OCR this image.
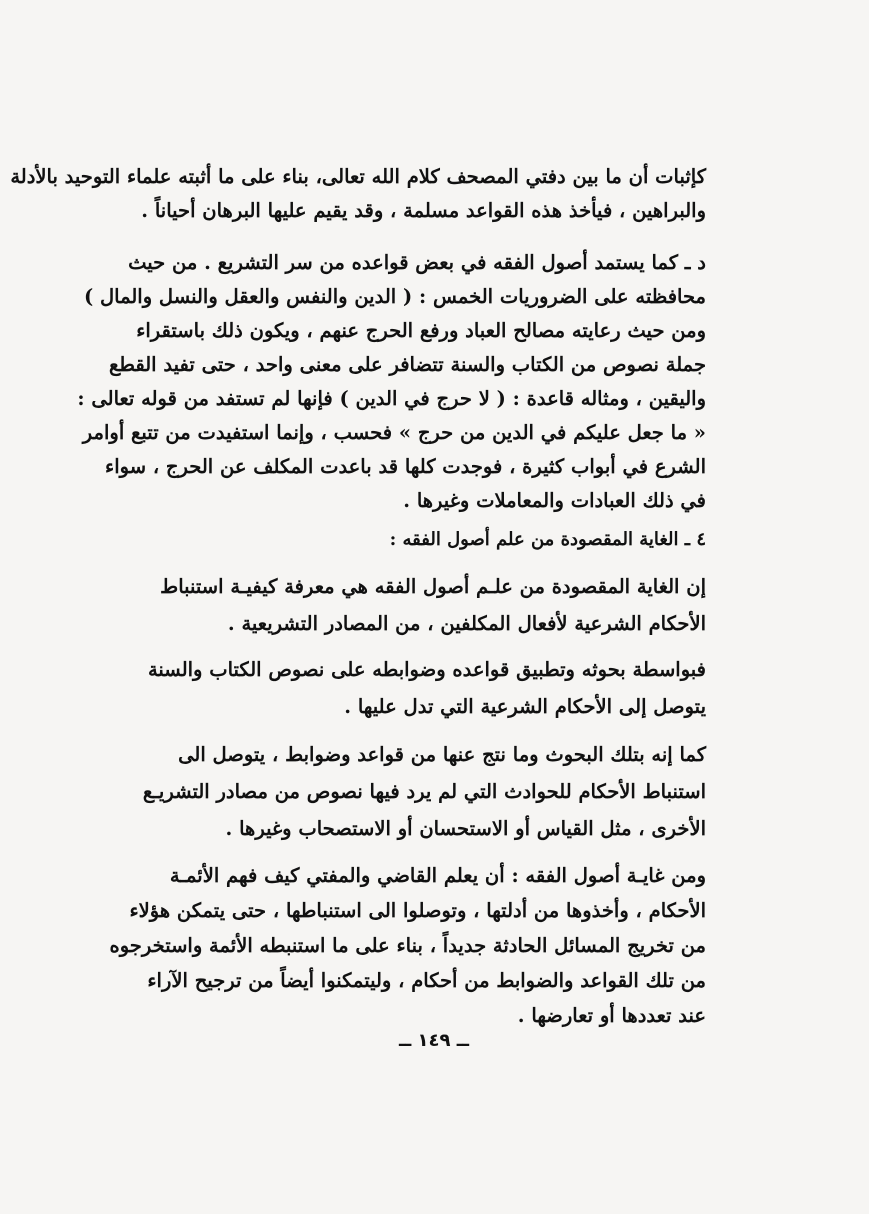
كإثبات أن ما بين دفتي المصحف كلام الله تعالى، بناء على ما أثبته علماء التوحيد بالأدلة
والبراهين ، فيأخذ هذه القواعد مسلمة ، وقد يقيم عليها البرهان أحياناً .
د ـ كما يستمد أصول الفقه في بعض قواعده من سر التشريع . من حيث
محافظته على الضروريات الخمس : ( الدين والنفس والعقل والنسل والمال )
ومن حيث رعايته مصالح العباد ورفع الحرج عنهم ، ويكون ذلك باستقراء
جملة نصوص من الكتاب والسنة تتضافر على معنى واحد ، حتى تفيد القطع
واليقين ، ومثاله قاعدة : ( لا حرج في الدين ) فإنها لم تستفد من قوله تعالى :
« ما جعل عليكم في الدين من حرج » فحسب ، وإنما استفيدت من تتبع أوامر
الشرع في أبواب كثيرة ، فوجدت كلها قد باعدت المكلف عن الحرج ، سواء
في ذلك العبادات والمعاملات وغيرها .
٤ ـ الغاية المقصودة من علم أصول الفقه :
إن الغاية المقصودة من علـم أصول الفقه هي معرفة كيفيـة استنباط
الأحكام الشرعية لأفعال المكلفين ، من المصادر التشريعية .
فبواسطة بحوثه وتطبيق قواعده وضوابطه على نصوص الكتاب والسنة
يتوصل إلى الأحكام الشرعية التي تدل عليها .
كما إنه بتلك البحوث وما نتج عنها من قواعد وضوابط ، يتوصل الى
استنباط الأحكام للحوادث التي لم يرد فيها نصوص من مصادر التشريـع
الأخرى ، مثل القياس أو الاستحسان أو الاستصحاب وغيرها .
ومن غايـة أصول الفقه : أن يعلم القاضي والمفتي كيف فهم الأئمـة
الأحكام ، وأخذوها من أدلتها ، وتوصلوا الى استنباطها ، حتى يتمكن هؤلاء
من تخريج المسائل الحادثة جديداً ، بناء على ما استنبطه الأئمة واستخرجوه
من تلك القواعد والضوابط من أحكام ، وليتمكنوا أيضاً من ترجيح الآراء
عند تعددها أو تعارضها .
ــ ١٤٩ ــ
